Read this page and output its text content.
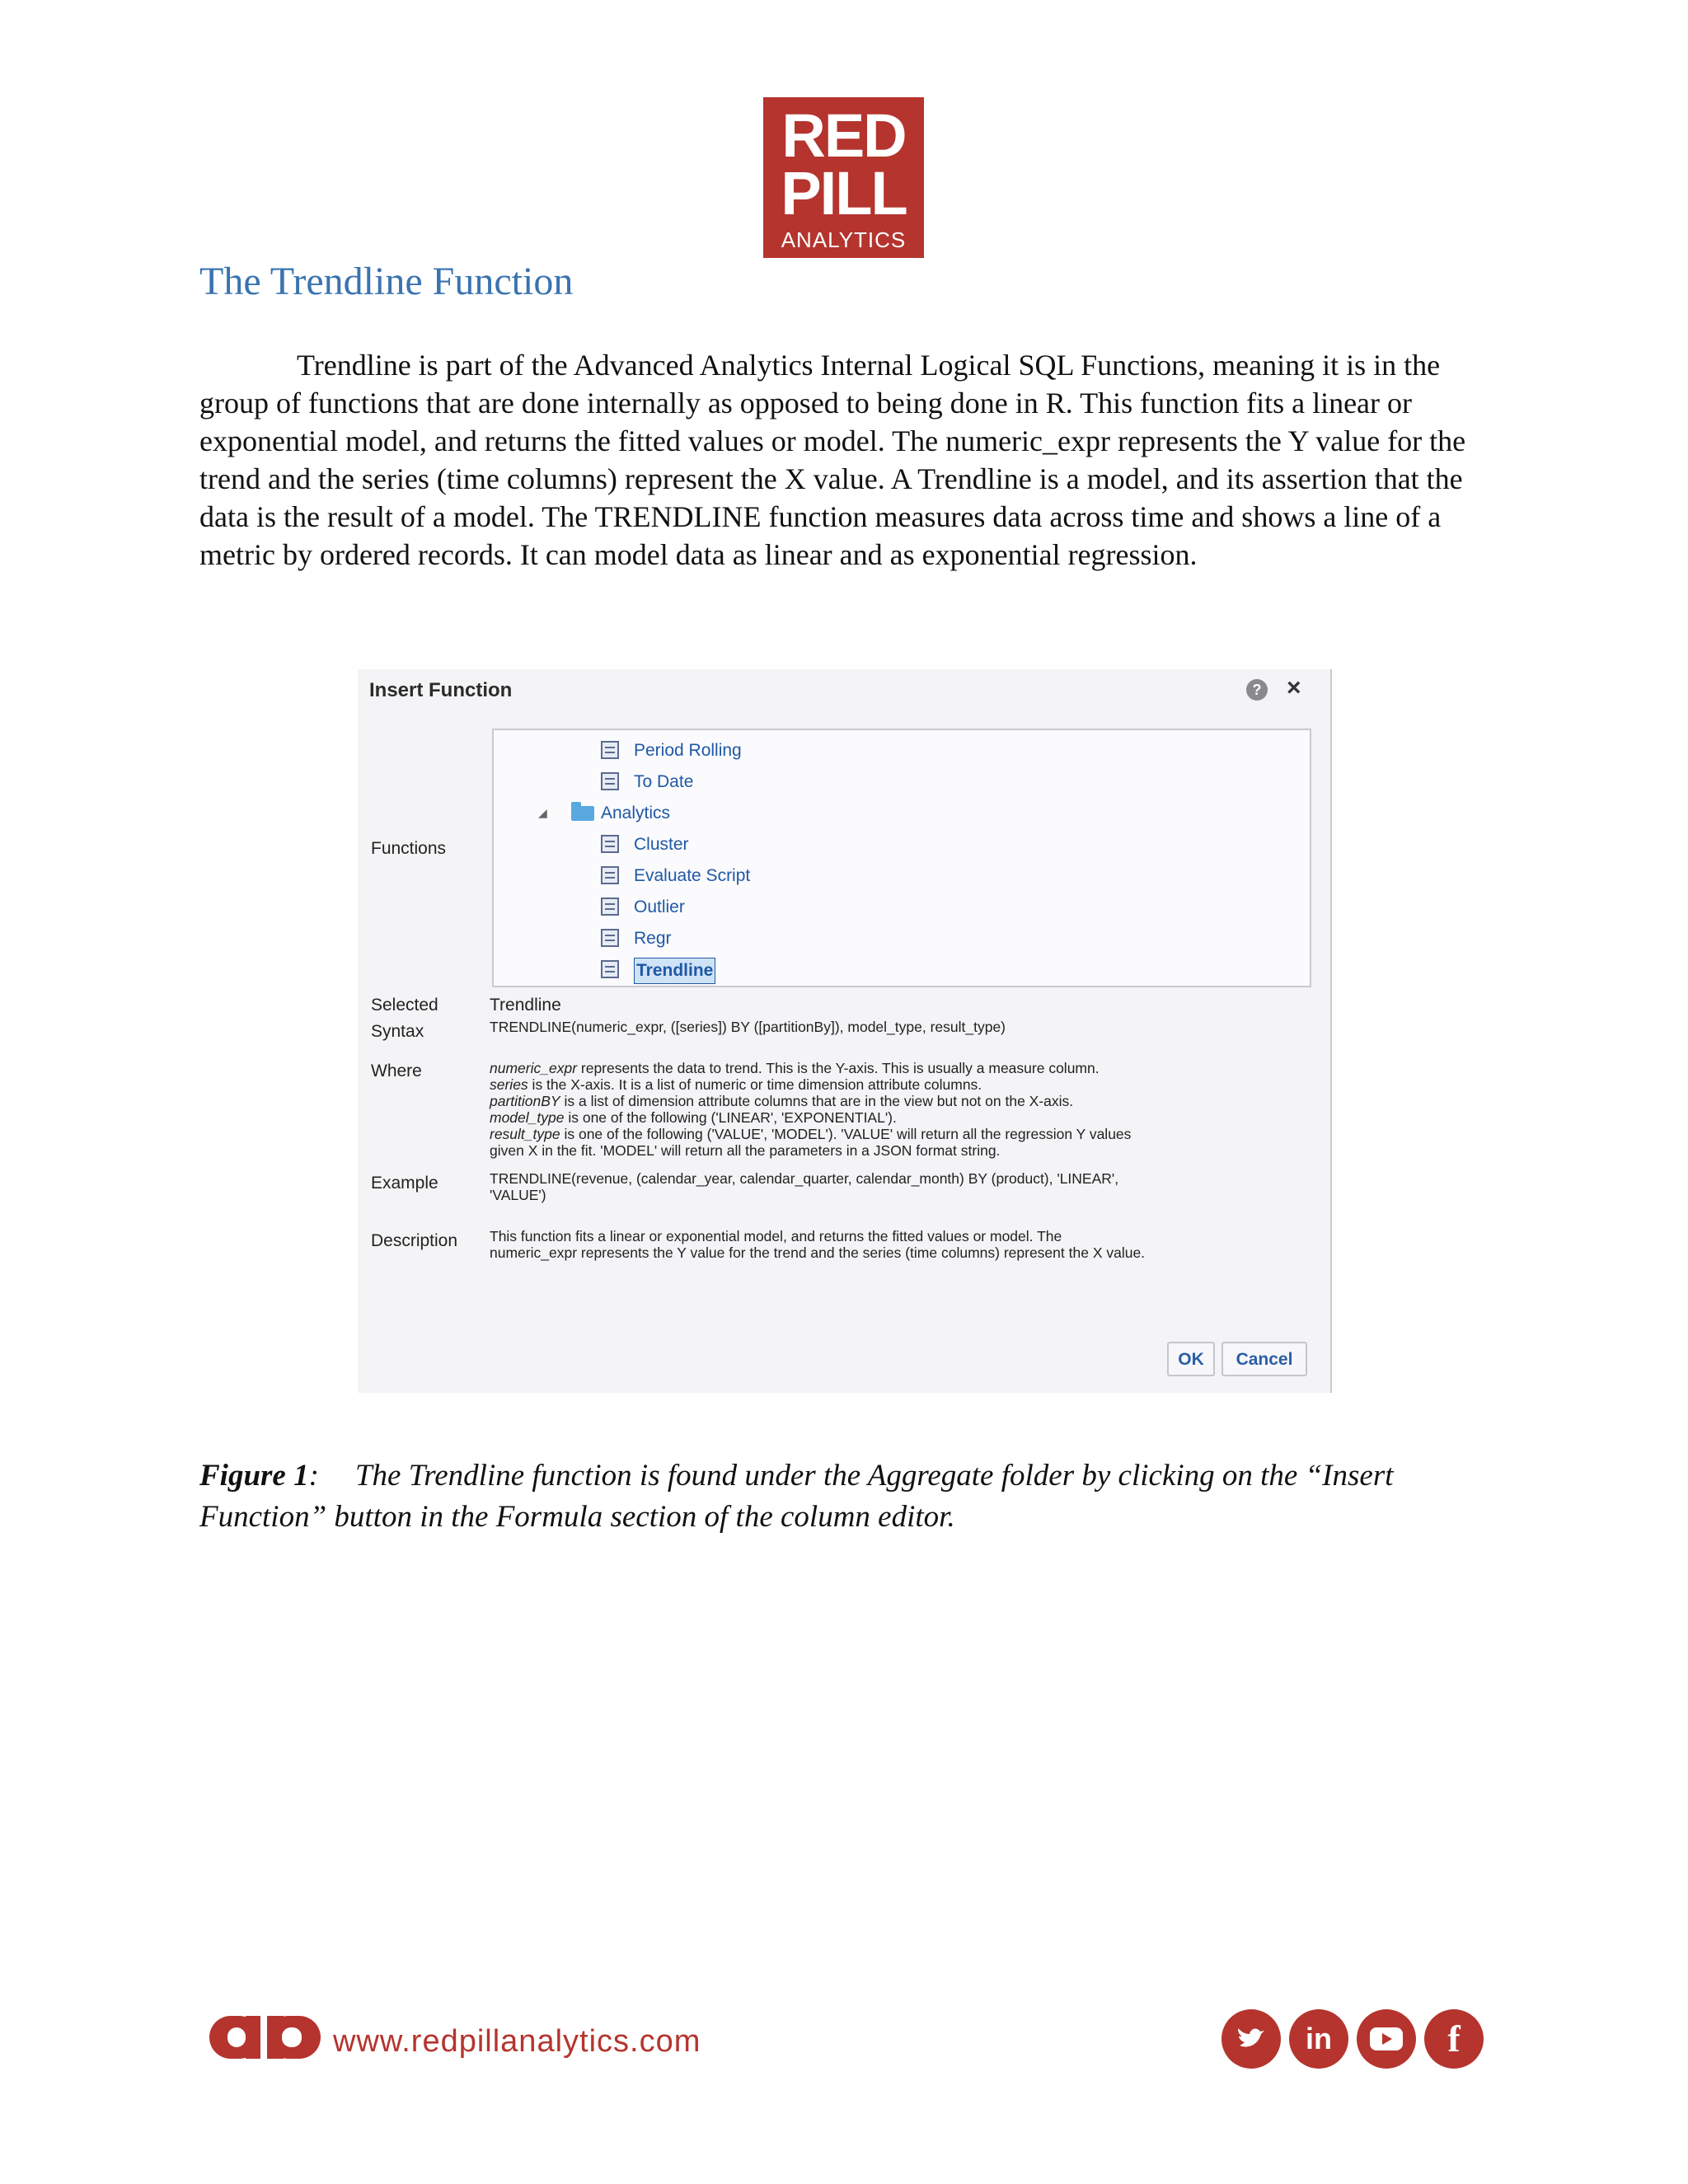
RED
PILL
ANALYTICS
The Trendline Function
Trendline is part of the Advanced Analytics Internal Logical SQL Functions, meaning it is in the group of functions that are done internally as opposed to being done in R. This function fits a linear or exponential model, and returns the fitted values or model. The numeric_expr represents the Y value for the trend and the series (time columns) represent the X value. A Trendline is a model, and its assertion that the data is the result of a model. The TRENDLINE function measures data across time and shows a line of a metric by ordered records. It can model data as linear and as exponential regression.
Insert Function	? ×
Functions
Period Rolling
To Date
◢	Analytics
Cluster
Evaluate Script
Outlier
Regr
Trendline
Selected	Trendline
Syntax	TRENDLINE(numeric_expr, ([series]) BY ([partitionBy]), model_type, result_type)
Where	numeric_expr represents the data to trend. This is the Y-axis. This is usually a measure column.
series is the X-axis. It is a list of numeric or time dimension attribute columns.
partitionBY is a list of dimension attribute columns that are in the view but not on the X-axis.
model_type is one of the following ('LINEAR', 'EXPONENTIAL').
result_type is one of the following ('VALUE', 'MODEL'). 'VALUE' will return all the regression Y values
given X in the fit. 'MODEL' will return all the parameters in a JSON format string.
Example	TRENDLINE(revenue, (calendar_year, calendar_quarter, calendar_month) BY (product), 'LINEAR',
'VALUE')
Description This function fits a linear or exponential model, and returns the fitted values or model. The
numeric_expr represents the Y value for the trend and the series (time columns) represent the X value.
OK	Cancel
Figure 1: The Trendline function is found under the Aggregate folder by clicking on the “Insert Function” button in the Formula section of the column editor.
www.redpillanalytics.com	in	f
